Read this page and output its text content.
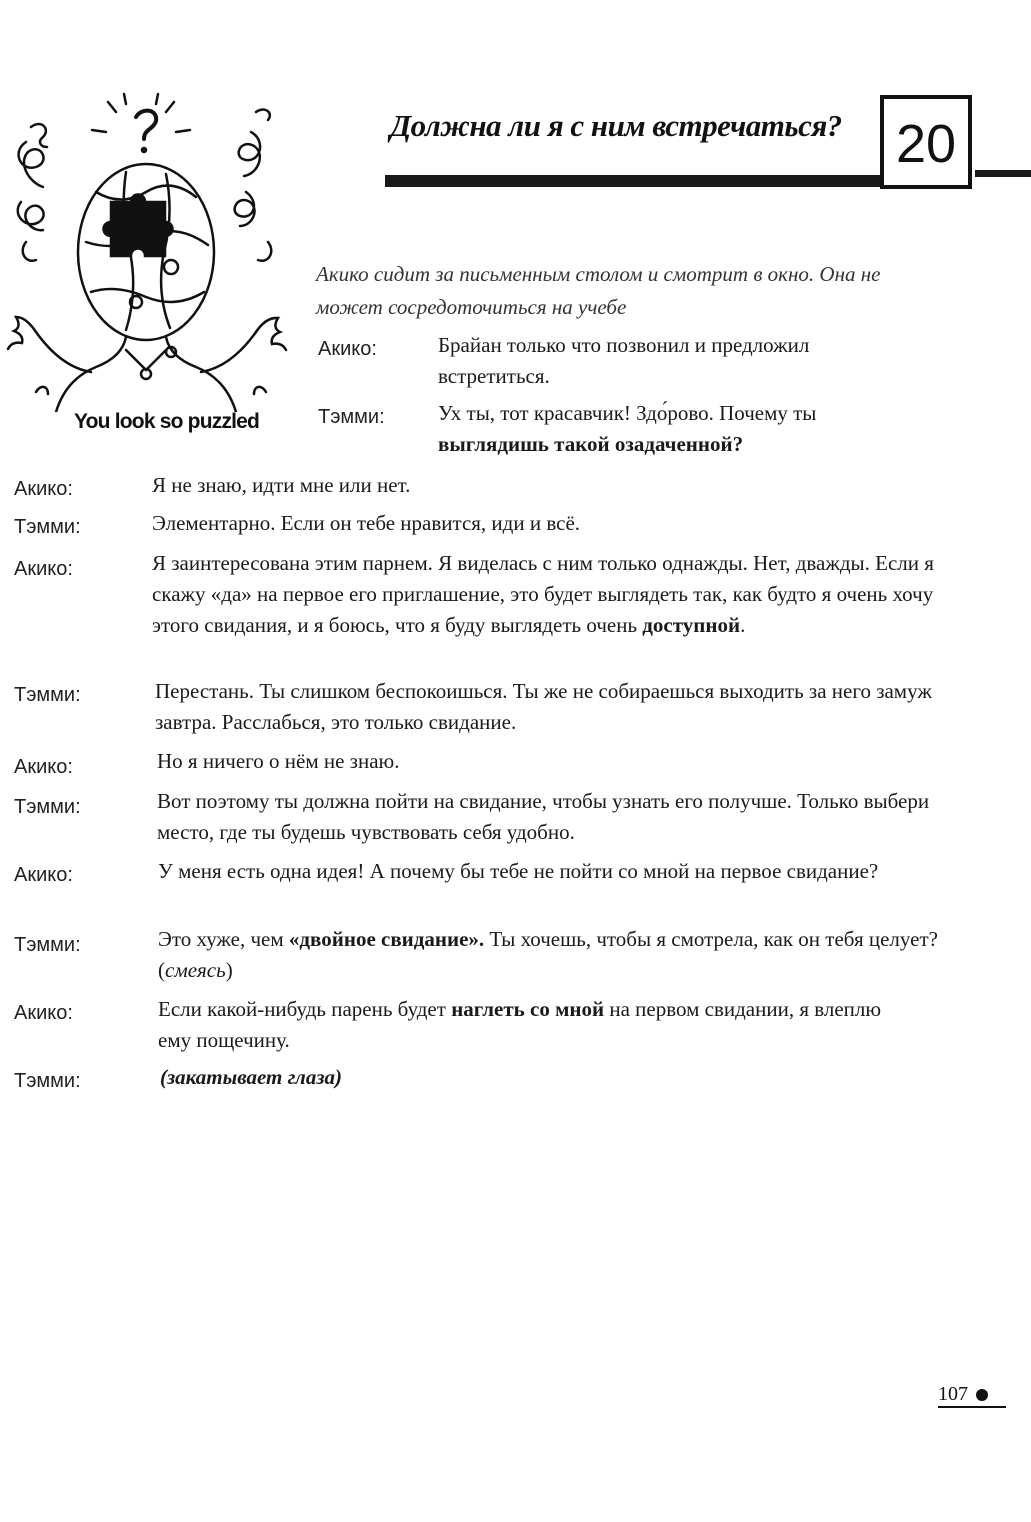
You look so puzzled
Должна ли я с ним встречаться? 20
Акико сидит за письменным столом и смотрит в окно. Она не может сосредоточиться на учебе
Акико:	Брайан только что позвонил и предложил встретиться.
Тэмми:	Ух ты, тот красавчик! Здо́рово. Почему ты выглядишь такой озадаченной?
Акико:	Я не знаю, идти мне или нет.
Тэмми:	Элементарно. Если он тебе нравится, иди и всё.
Акико:	Я заинтересована этим парнем. Я виделась с ним только однажды. Нет, дважды. Если я скажу «да» на первое его приглашение, это будет выглядеть так, как будто я очень хочу этого свидания, и я боюсь, что я буду выглядеть очень доступной.
Тэмми:	Перестань. Ты слишком беспокоишься. Ты же не собираешься выходить за него замуж завтра. Расслабься, это только свидание.
Акико:	Но я ничего о нём не знаю.
Тэмми:	Вот поэтому ты должна пойти на свидание, чтобы узнать его получше. Только выбери место, где ты будешь чувствовать себя удобно.
Акико:	У меня есть одна идея! А почему бы тебе не пойти со мной на первое свидание?
Тэмми:	Это хуже, чем «двойное свидание». Ты хочешь, чтобы я смотрела, как он тебя целует? (смеясь)
Акико:	Если какой-нибудь парень будет наглеть со мной на первом свидании, я влеплю ему пощечину.
Тэмми:	(закатывает глаза)
107
